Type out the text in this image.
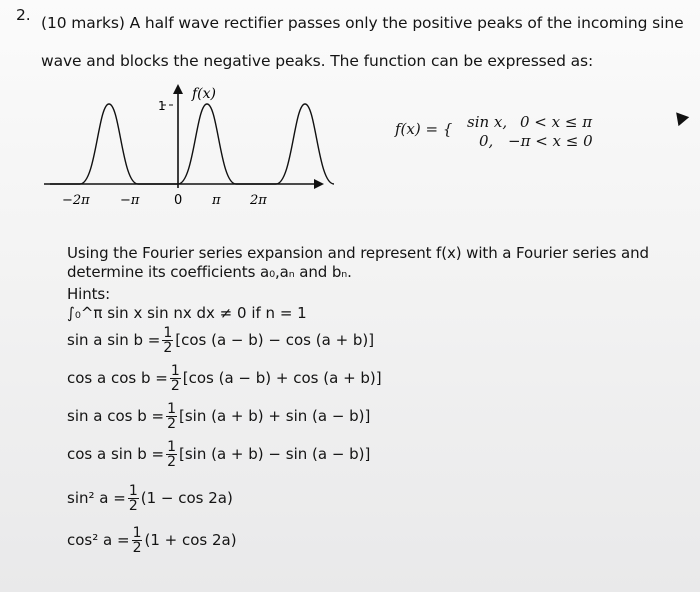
2. (10 marks) A half wave rectifier passes only the positive peaks of the incoming sine
wave and blocks the negative peaks. The function can be expressed as:
f(x)
1
−2π −π	0 π 2π
f(x) = { sin x, 0 < x ≤ π
0, −π < x ≤ 0
Using the Fourier series expansion and represent f(x) with a Fourier series and
determine its coefficients a₀,aₙ and bₙ.
Hints:
∫₀^π sin x sin nx dx ≠ 0 if n = 1
sin a $\sin b = \frac{1}{2} [\cos$ (a − b) − cos (a + b)]
cos a $\cos b = \frac{1}{2} [\cos$ (a − b) + cos (a + b)]
sin a $\cos b = \frac{1}{2} [\sin$ (a + b) + sin (a − b)]
cos a $\sin b = \frac{1}{2} [\sin$ (a + b) − sin (a − b)]
sin² $a = \frac{1}{2} (1 - \cos 2a)$
cos² $a = \frac{1}{2} (1 + \cos 2a)$
